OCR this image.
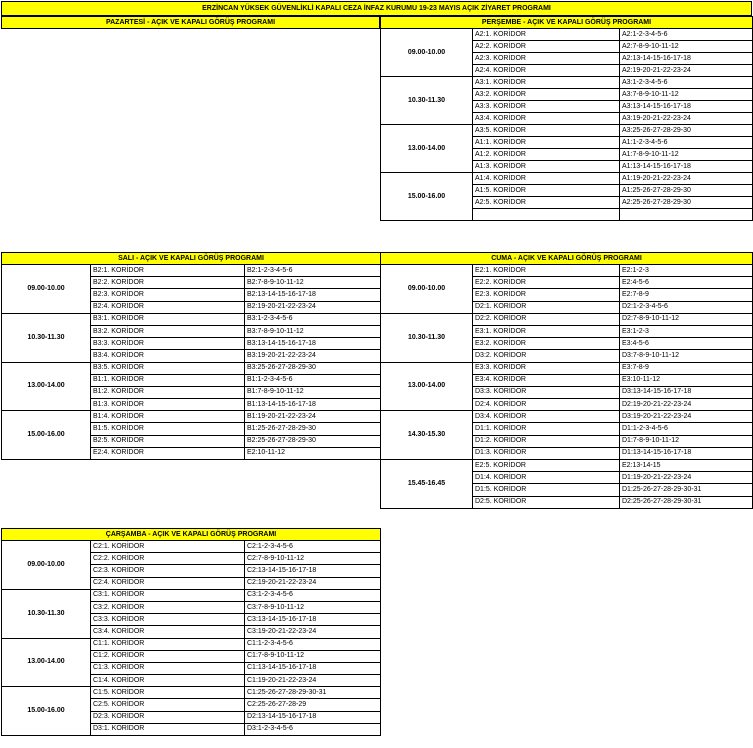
ERZİNCAN YÜKSEK GÜVENLİKLİ KAPALI CEZA İNFAZ KURUMU 19-23 MAYIS AÇIK ZİYARET PROGRAMI
PAZARTESİ - AÇIK VE KAPALI GÖRÜŞ PROGRAMI	PERŞEMBE - AÇIK VE KAPALI GÖRÜŞ PROGRAMI		
09.00-10.00	A2:1. KORİDOR	A2:1-2-3-4-5-6
	A2:2. KORİDOR	A2:7-8-9-10-11-12
	A2:3. KORİDOR	A2:13-14-15-16-17-18
	A2:4. KORİDOR	A2:19-20-21-22-23-24
10.30-11.30	A3:1. KORİDOR	A3:1-2-3-4-5-6
	A3:2. KORİDOR	A3:7-8-9-10-11-12
	A3:3. KORİDOR	A3:13-14-15-16-17-18
	A3:4. KORİDOR	A3:19-20-21-22-23-24
13.00-14.00	A3:5. KORİDOR	A3:25-26-27-28-29-30
	A1:1. KORİDOR	A1:1-2-3-4-5-6
	A1:2. KORİDOR	A1:7-8-9-10-11-12
	A1:3. KORİDOR	A1:13-14-15-16-17-18
15.00-16.00	A1:4. KORİDOR	A1:19-20-21-22-23-24
	A1:5. KORİDOR	A1:25-26-27-28-29-30
	A2:5. KORİDOR	A2:25-26-27-28-29-30

SALI - AÇIK VE KAPALI GÖRÜŞ PROGRAMI		
09.00-10.00	B2:1. KORİDOR	B2:1-2-3-4-5-6
	B2:2. KORİDOR	B2:7-8-9-10-11-12
	B2:3. KORİDOR	B2:13-14-15-16-17-18
	B2:4. KORİDOR	B2:19-20-21-22-23-24
10.30-11.30	B3:1. KORİDOR	B3:1-2-3-4-5-6
	B3:2. KORİDOR	B3:7-8-9-10-11-12
	B3:3. KORİDOR	B3:13-14-15-16-17-18
	B3:4. KORİDOR	B3:19-20-21-22-23-24
13.00-14.00	B3:5. KORİDOR	B3:25-26-27-28-29-30
	B1:1. KORİDOR	B1:1-2-3-4-5-6
	B1:2. KORİDOR	B1:7-8-9-10-11-12
	B1:3. KORİDOR	B1:13-14-15-16-17-18
15.00-16.00	B1:4. KORİDOR	B1:19-20-21-22-23-24
	B1:5. KORİDOR	B1:25-26-27-28-29-30
	B2:5. KORİDOR	B2:25-26-27-28-29-30
	E2:4. KORİDOR	E2:10-11-12
CUMA - AÇIK VE KAPALI GÖRÜŞ PROGRAMI		
09.00-10.00	E2:1. KORİDOR	E2:1-2-3
	E2:2. KORİDOR	E2:4-5-6
	E2:3. KORİDOR	E2:7-8-9
	D2:1. KORİDOR	D2:1-2-3-4-5-6
10.30-11.30	D2:2. KORİDOR	D2:7-8-9-10-11-12
	E3:1. KORİDOR	E3:1-2-3
	E3:2. KORİDOR	E3:4-5-6
	D3:2. KORİDOR	D3:7-8-9-10-11-12
13.00-14.00	E3:3. KORİDOR	E3:7-8-9
	E3:4. KORİDOR	E3:10-11-12
	D3:3. KORİDOR	D3:13-14-15-16-17-18
	D2:4. KORİDOR	D2:19-20-21-22-23-24
14.30-15.30	D3:4. KORİDOR	D3:19-20-21-22-23-24
	D1:1. KORİDOR	D1:1-2-3-4-5-6
	D1:2. KORİDOR	D1:7-8-9-10-11-12
	D1:3. KORİDOR	D1:13-14-15-16-17-18
15.45-16.45	E2:5. KORİDOR	E2:13-14-15
	D1:4. KORİDOR	D1:19-20-21-22-23-24
	D1:5. KORİDOR	D1:25-26-27-28-29-30-31
	D2:5. KORİDOR	D2:25-26-27-28-29-30-31
ÇARŞAMBA - AÇIK VE KAPALI GÖRÜŞ PROGRAMI		
09.00-10.00	C2:1. KORİDOR	C2:1-2-3-4-5-6
	C2:2. KORİDOR	C2:7-8-9-10-11-12
	C2:3. KORİDOR	C2:13-14-15-16-17-18
	C2:4. KORİDOR	C2:19-20-21-22-23-24
10.30-11.30	C3:1. KORİDOR	C3:1-2-3-4-5-6
	C3:2. KORİDOR	C3:7-8-9-10-11-12
	C3:3. KORİDOR	C3:13-14-15-16-17-18
	C3:4. KORİDOR	C3:19-20-21-22-23-24
13.00-14.00	C1:1. KORİDOR	C1:1-2-3-4-5-6
	C1:2. KORİDOR	C1:7-8-9-10-11-12
	C1:3. KORİDOR	C1:13-14-15-16-17-18
	C1:4. KORİDOR	C1:19-20-21-22-23-24
15.00-16.00	C1:5. KORİDOR	C1:25-26-27-28-29-30-31
	C2:5. KORİDOR	C2:25-26-27-28-29
	D2:3. KORİDOR	D2:13-14-15-16-17-18
	D3:1. KORİDOR	D3:1-2-3-4-5-6
